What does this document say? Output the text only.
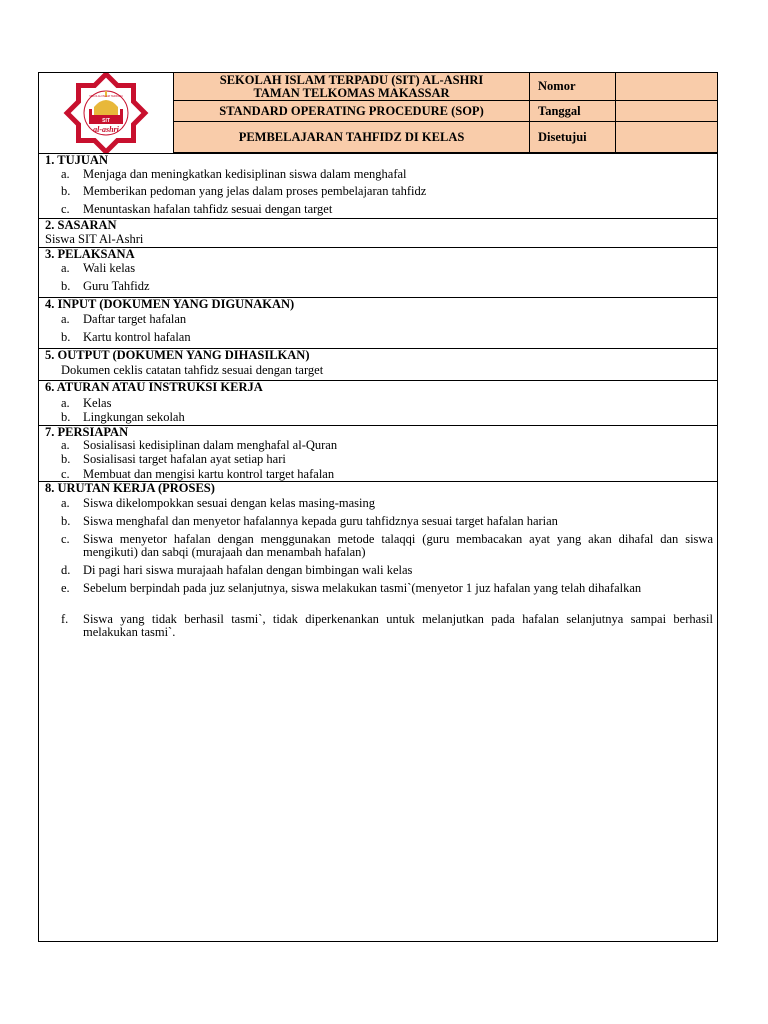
SIT
al-ashri
SEKOLAH ISLAM TERPADU
SEKOLAH ISLAM TERPADU (SIT) AL-ASHRI
TAMAN TELKOMAS MAKASSAR	Nomor
STANDARD OPERATING PROCEDURE (SOP)	Tanggal
PEMBELAJARAN TAHFIDZ DI KELAS	Disetujui
1. TUJUAN
a. Menjaga dan meningkatkan kedisiplinan siswa dalam menghafal
b. Memberikan pedoman yang jelas dalam proses pembelajaran tahfidz
c. Menuntaskan hafalan tahfidz sesuai dengan target
2. SASARAN
Siswa SIT Al-Ashri
3. PELAKSANA
a. Wali kelas
b. Guru Tahfidz
4. INPUT (DOKUMEN YANG DIGUNAKAN)
a. Daftar target hafalan
b. Kartu kontrol hafalan
5. OUTPUT (DOKUMEN YANG DIHASILKAN)
Dokumen ceklis catatan tahfidz sesuai dengan target
6. ATURAN ATAU INSTRUKSI KERJA
a. Kelas
b. Lingkungan sekolah
7. PERSIAPAN
a. Sosialisasi kedisiplinan dalam menghafal al-Quran
b. Sosialisasi target hafalan ayat setiap hari
c. Membuat dan mengisi kartu kontrol target hafalan
8. URUTAN KERJA (PROSES)
a. Siswa dikelompokkan sesuai dengan kelas masing-masing
b. Siswa menghafal dan menyetor hafalannya kepada guru tahfidznya sesuai target hafalan harian
c. Siswa menyetor hafalan dengan menggunakan metode talaqqi (guru membacakan ayat yang akan dihafal dan siswa mengikuti) dan sabqi (murajaah dan menambah hafalan)
d. Di pagi hari siswa murajaah hafalan dengan bimbingan wali kelas
e. Sebelum berpindah pada juz selanjutnya, siswa melakukan tasmi`(menyetor 1 juz hafalan yang telah dihafalkan
f. Siswa yang tidak berhasil tasmi`, tidak diperkenankan untuk melanjutkan pada hafalan selanjutnya sampai berhasil melakukan tasmi`.
